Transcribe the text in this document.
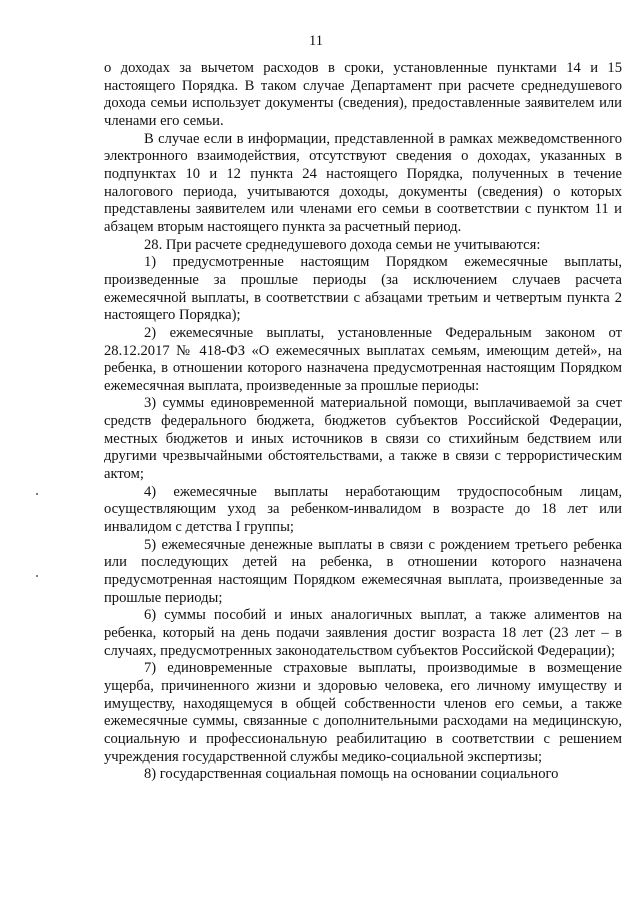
11

о доходах за вычетом расходов в сроки, установленные пунктами 14 и 15 настоящего Порядка. В таком случае Департамент при расчете среднедушевого дохода семьи использует документы (сведения), предоставленные заявителем или членами его семьи.

В случае если в информации, представленной в рамках межведомственного электронного взаимодействия, отсутствуют сведения о доходах, указанных в подпунктах 10 и 12 пункта 24 настоящего Порядка, полученных в течение налогового периода, учитываются доходы, документы (сведения) о которых представлены заявителем или членами его семьи в соответствии с пунктом 11 и абзацем вторым настоящего пункта за расчетный период.

28. При расчете среднедушевого дохода семьи не учитываются:

1) предусмотренные настоящим Порядком ежемесячные выплаты, произведенные за прошлые периоды (за исключением случаев расчета ежемесячной выплаты, в соответствии с абзацами третьим и четвертым пункта 2 настоящего Порядка);

2) ежемесячные выплаты, установленные Федеральным законом от 28.12.2017 № 418-ФЗ «О ежемесячных выплатах семьям, имеющим детей», на ребенка, в отношении которого назначена предусмотренная настоящим Порядком ежемесячная выплата, произведенные за прошлые периоды:

3) суммы единовременной материальной помощи, выплачиваемой за счет средств федерального бюджета, бюджетов субъектов Российской Федерации, местных бюджетов и иных источников в связи со стихийным бедствием или другими чрезвычайными обстоятельствами, а также в связи с террористическим актом;

4) ежемесячные выплаты неработающим трудоспособным лицам, осуществляющим уход за ребенком-инвалидом в возрасте до 18 лет или инвалидом с детства I группы;

5) ежемесячные денежные выплаты в связи с рождением третьего ребенка или последующих детей на ребенка, в отношении которого назначена предусмотренная настоящим Порядком ежемесячная выплата, произведенные за прошлые периоды;

6) суммы пособий и иных аналогичных выплат, а также алиментов на ребенка, который на день подачи заявления достиг возраста 18 лет (23 лет – в случаях, предусмотренных законодательством субъектов Российской Федерации);

7) единовременные страховые выплаты, производимые в возмещение ущерба, причиненного жизни и здоровью человека, его личному имуществу и имуществу, находящемуся в общей собственности членов его семьи, а также ежемесячные суммы, связанные с дополнительными расходами на медицинскую, социальную и профессиональную реабилитацию в соответствии с решением учреждения государственной службы медико-социальной экспертизы;

8) государственная социальная помощь на основании социального
